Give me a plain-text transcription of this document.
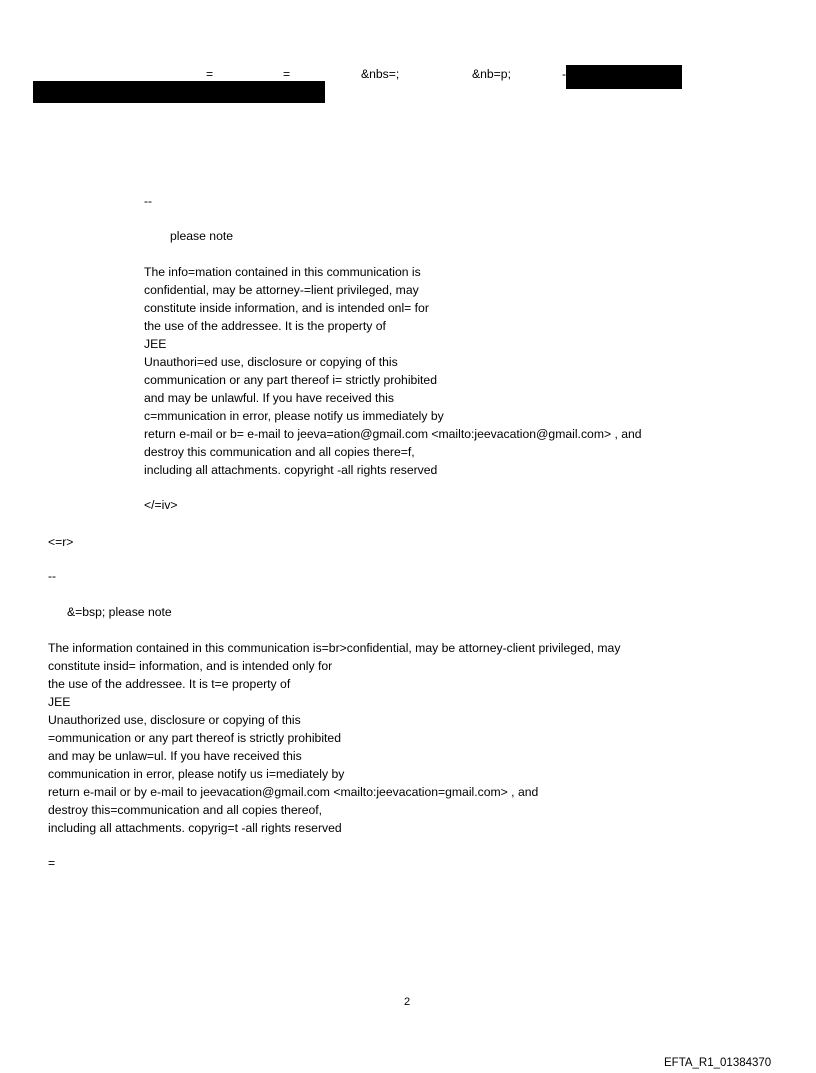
=	=	&nbs=;	&nb=p;	-
--
please note
The info=mation contained in this communication is
confidential, may be attorney-=lient privileged, may
constitute inside information, and is intended onl= for
the use of the addressee. It is the property of
JEE
Unauthori=ed use, disclosure or copying of this
communication or any part thereof i= strictly prohibited
and may be unlawful. If you have received this
c=mmunication in error, please notify us immediately by
return e-mail or b= e-mail to jeeva=ation@gmail.com <mailto:jeevacation@gmail.com> , and
destroy this communication and all copies there=f,
including all attachments. copyright -all rights reserved
</=iv>
<=r>
--
&=bsp; please note
The information contained in this communication is=br>confidential, may be attorney-client privileged, may
constitute insid= information, and is intended only for
the use of the addressee. It is t=e property of
JEE
Unauthorized use, disclosure or copying of this
=ommunication or any part thereof is strictly prohibited
and may be unlaw=ul. If you have received this
communication in error, please notify us i=mediately by
return e-mail or by e-mail to jeevacation@gmail.com <mailto:jeevacation=gmail.com> , and
destroy this=communication and all copies thereof,
including all attachments. copyrig=t -all rights reserved
=
2
EFTA_R1_01384370
